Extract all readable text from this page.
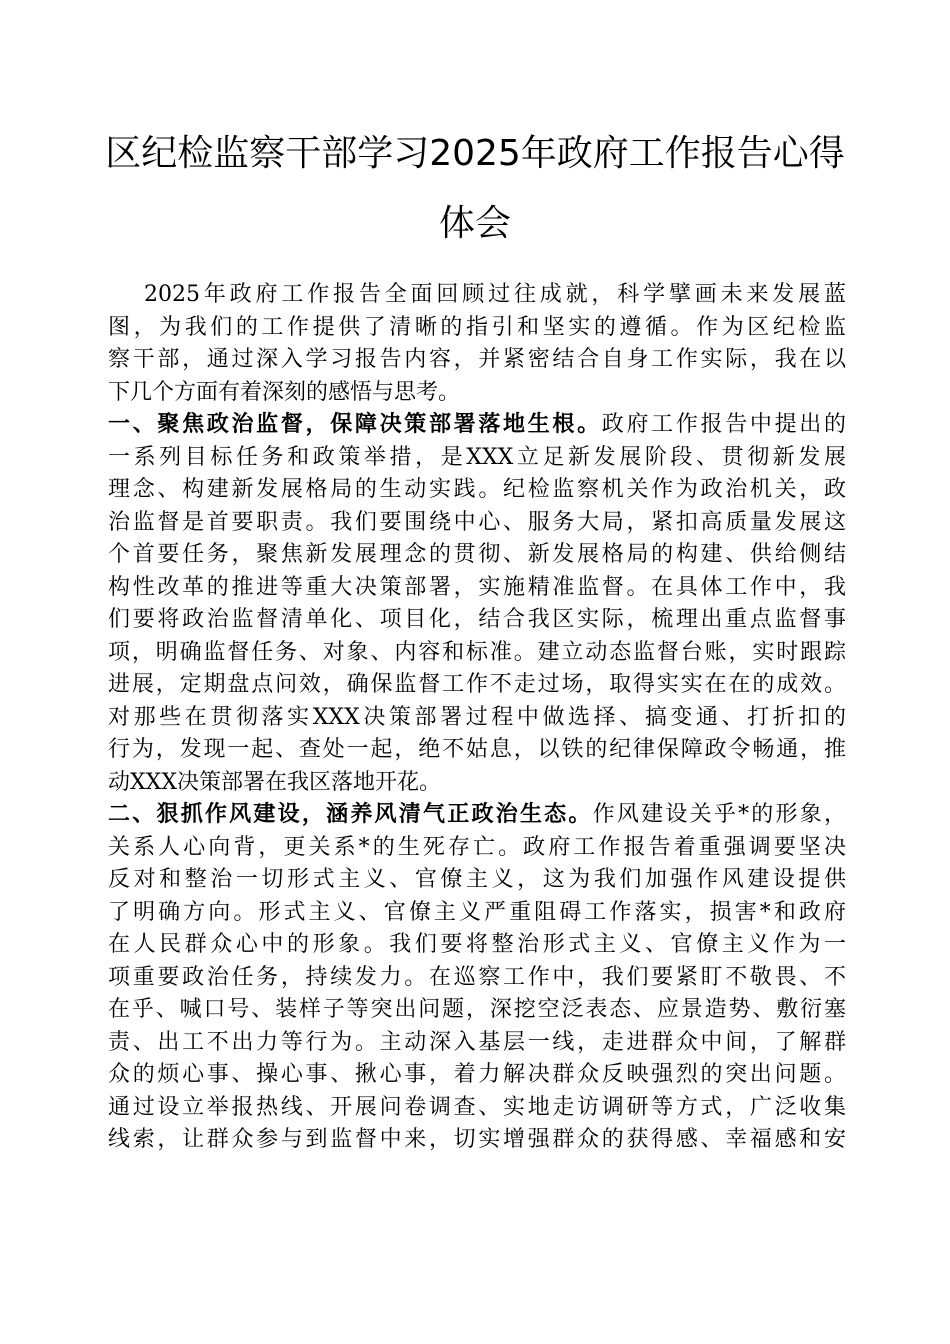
区纪检监察干部学习2025年政府工作报告心得
体会
2025年政府工作报告全面回顾过往成就，科学擘画未来发展蓝
图，为我们的工作提供了清晰的指引和坚实的遵循。作为区纪检监
察干部，通过深入学习报告内容，并紧密结合自身工作实际，我在以
下几个方面有着深刻的感悟与思考。
一、聚焦政治监督，保障决策部署落地生根。政府工作报告中提出的
一系列目标任务和政策举措，是XXX立足新发展阶段、贯彻新发展
理念、构建新发展格局的生动实践。纪检监察机关作为政治机关，政
治监督是首要职责。我们要围绕中心、服务大局，紧扣高质量发展这
个首要任务，聚焦新发展理念的贯彻、新发展格局的构建、供给侧结
构性改革的推进等重大决策部署，实施精准监督。在具体工作中，我
们要将政治监督清单化、项目化，结合我区实际，梳理出重点监督事
项，明确监督任务、对象、内容和标准。建立动态监督台账，实时跟踪
进展，定期盘点问效，确保监督工作不走过场，取得实实在在的成效。
对那些在贯彻落实XXX决策部署过程中做选择、搞变通、打折扣的
行为，发现一起、查处一起，绝不姑息，以铁的纪律保障政令畅通，推
动XXX决策部署在我区落地开花。
二、狠抓作风建设，涵养风清气正政治生态。作风建设关乎*的形象，
关系人心向背，更关系*的生死存亡。政府工作报告着重强调要坚决
反对和整治一切形式主义、官僚主义，这为我们加强作风建设提供
了明确方向。形式主义、官僚主义严重阻碍工作落实，损害*和政府
在人民群众心中的形象。我们要将整治形式主义、官僚主义作为一
项重要政治任务，持续发力。在巡察工作中，我们要紧盯不敬畏、不
在乎、喊口号、装样子等突出问题，深挖空泛表态、应景造势、敷衍塞
责、出工不出力等行为。主动深入基层一线，走进群众中间，了解群
众的烦心事、操心事、揪心事，着力解决群众反映强烈的突出问题。
通过设立举报热线、开展问卷调查、实地走访调研等方式，广泛收集
线索，让群众参与到监督中来，切实增强群众的获得感、幸福感和安
